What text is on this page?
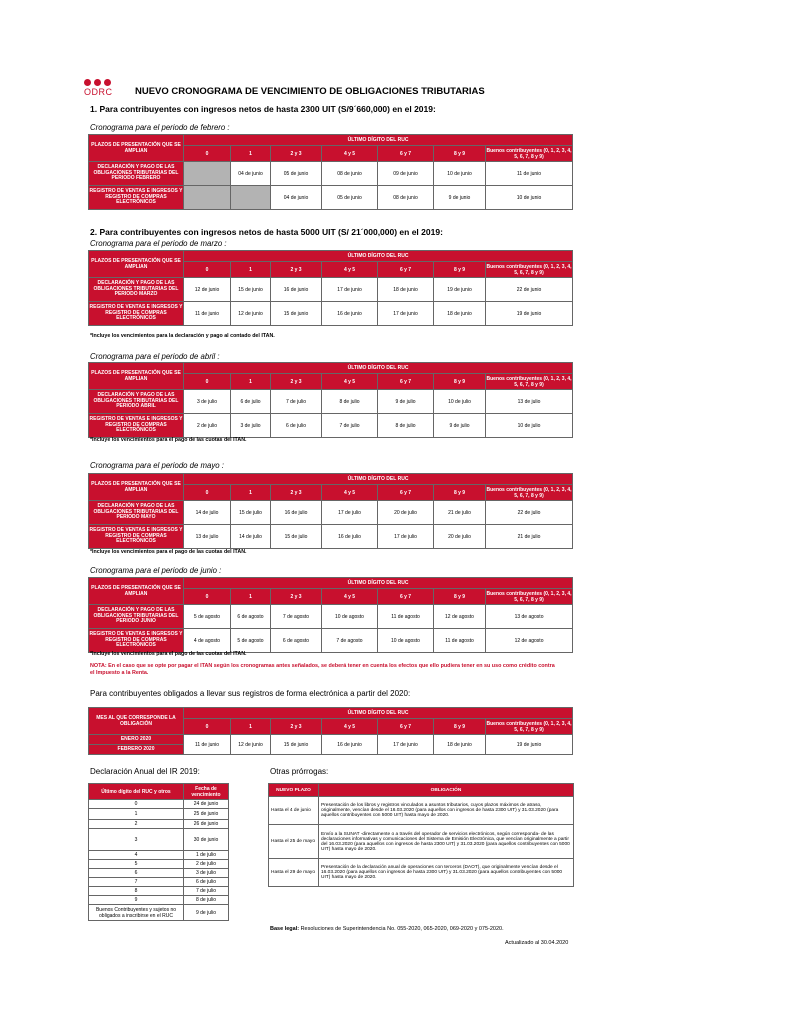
ODRC NUEVO CRONOGRAMA DE VENCIMIENTO DE OBLIGACIONES TRIBUTARIAS
1. Para contribuyentes con ingresos netos de hasta 2300 UIT (S/9´660,000) en el 2019:
2. Para contribuyentes con ingresos netos de hasta 5000 UIT (S/ 21´000,000) en el 2019:
Cronograma para el periodo de febrero :
PLAZOS DE PRESENTACIÓN QUE SE AMPLIAN	ÚLTIMO DÍGITO DEL RUC						
	0	1	2 y 3	4 y 5	6 y 7	8 y 9	Buenos contribuyentes (0, 1, 2, 3, 4, 5, 6, 7, 8 y 9)
DECLARACIÓN Y PAGO DE LAS OBLIGACIONES TRIBUTARIAS DEL PERIODO FEBRERO		04 de junio	05 de junio	08 de junio	09 de junio	10 de junio	11 de junio
REGISTRO DE VENTAS E INGRESOS Y REGISTRO DE COMPRAS ELECTRÓNICOS			04 de junio	05 de junio	08 de junio	9 de junio	10 de junio
Cronograma para el periodo de marzo :
PLAZOS DE PRESENTACIÓN QUE SE AMPLIAN	ÚLTIMO DÍGITO DEL RUC						
	0	1	2 y 3	4 y 5	6 y 7	8 y 9	Buenos contribuyentes (0, 1, 2, 3, 4, 5, 6, 7, 8 y 9)
DECLARACIÓN Y PAGO DE LAS OBLIGACIONES TRIBUTARIAS DEL PERIODO MARZO	12 de junio	15 de junio	16 de junio	17 de junio	18 de junio	19 de junio	22 de junio
REGISTRO DE VENTAS E INGRESOS Y REGISTRO DE COMPRAS ELECTRÓNICOS	11 de junio	12 de junio	15 de junio	16 de junio	17 de junio	18 de junio	19 de junio
*Incluye los vencimientos para la declaración y pago al contado del ITAN.
Cronograma para el periodo de abril :
PLAZOS DE PRESENTACIÓN QUE SE AMPLIAN	ÚLTIMO DÍGITO DEL RUC						
	0	1	2 y 3	4 y 5	6 y 7	8 y 9	Buenos contribuyentes (0, 1, 2, 3, 4, 5, 6, 7, 8 y 9)
DECLARACIÓN Y PAGO DE LAS OBLIGACIONES TRIBUTARIAS DEL PERIODO ABRIL	3 de julio	6 de julio	7 de julio	8 de julio	9 de julio	10 de julio	13 de julio
REGISTRO DE VENTAS E INGRESOS Y REGISTRO DE COMPRAS ELECTRÓNICOS	2 de julio	3 de julio	6 de julio	7 de julio	8 de julio	9 de julio	10 de julio
*Incluye los vencimientos para el pago de las cuotas del ITAN.
Cronograma para el periodo de mayo :
PLAZOS DE PRESENTACIÓN QUE SE AMPLIAN	ÚLTIMO DÍGITO DEL RUC						
	0	1	2 y 3	4 y 5	6 y 7	8 y 9	Buenos contribuyentes (0, 1, 2, 3, 4, 5, 6, 7, 8 y 9)
DECLARACIÓN Y PAGO DE LAS OBLIGACIONES TRIBUTARIAS DEL PERIODO MAYO	14 de julio	15 de julio	16 de julio	17 de julio	20 de julio	21 de julio	22 de julio
REGISTRO DE VENTAS E INGRESOS Y REGISTRO DE COMPRAS ELECTRÓNICOS	13 de julio	14 de julio	15 de julio	16 de julio	17 de julio	20 de julio	21 de julio
*Incluye los vencimientos para el pago de las cuotas del ITAN.
Cronograma para el periodo de junio :
PLAZOS DE PRESENTACIÓN QUE SE AMPLIAN	ÚLTIMO DÍGITO DEL RUC						
	0	1	2 y 3	4 y 5	6 y 7	8 y 9	Buenos contribuyentes (0, 1, 2, 3, 4, 5, 6, 7, 8 y 9)
DECLARACIÓN Y PAGO DE LAS OBLIGACIONES TRIBUTARIAS DEL PERIODO JUNIO	5 de agosto	6 de agosto	7 de agosto	10 de agosto	11 de agosto	12 de agosto	13 de agosto
REGISTRO DE VENTAS E INGRESOS Y REGISTRO DE COMPRAS ELECTRÓNICOS	4 de agosto	5 de agosto	6 de agosto	7 de agosto	10 de agosto	11 de agosto	12 de agosto
*Incluye los vencimientos para el pago de las cuotas del ITAN.
NOTA: En el caso que se opte por pagar el ITAN según los cronogramas antes señalados, se deberá tener en cuenta los efectos que ello pudiera tener en su uso como crédito contra el Impuesto a la Renta.
Para contribuyentes obligados a llevar sus registros de forma electrónica a partir del 2020:
MES AL QUE CORRESPONDE LA OBLIGACIÓN	ÚLTIMO DÍGITO DEL RUC						
	0	1	2 y 3	4 y 5	6 y 7	8 y 9	Buenos contribuyentes (0, 1, 2, 3, 4, 5, 6, 7, 8 y 9)
ENERO 2020	11 de junio	12 de junio	15 de junio	16 de junio	17 de junio	18 de junio	19 de junio
FEBRERO 2020							
Declaración Anual del IR 2019:
Último dígito del RUC y otros	Fecha de vencimiento
0	24 de junio
1	25 de junio
2	26 de junio
3	30 de junio
4	1 de julio
5	2 de julio
6	3 de julio
7	6 de julio
8	7 de julio
9	8 de julio
Buenos Contribuyentes y sujetos no obligados a inscribirse en el RUC	9 de julio
Otras prórrogas:
NUEVO PLAZO	OBLIGACIÓN
Hasta el 4 de junio	Presentación de los libros y registros vinculados a asuntos tributarios, cuyos plazos máximos de atraso, originalmente, vencían desde el 16.03.2020 (para aquellos con ingresos de hasta 2300 UIT) y 31.03.2020 (para aquellos contribuyentes con 5000 UIT) hasta mayo de 2020.
Hasta el 25 de mayo	Envío a la SUNAT -directamente o a través del operador de servicios electrónicos, según corresponda- de las declaraciones informativas y comunicaciones del Sistema de Emisión Electrónica, que vencían originalmente a partir del 16.03.2020 (para aquellos con ingresos de hasta 2300 UIT) y 31.03.2020 (para aquellos contribuyentes con 5000 UIT) hasta mayo de 2020.
Hasta el 29 de mayo	Presentación de la declaración anual de operaciones con terceros (DAOT), que originalmente vencían desde el 16.03.2020 (para aquellos con ingresos de hasta 2300 UIT) y 31.03.2020 (para aquellos contribuyentes con 5000 UIT) hasta mayo de 2020.
Base legal: Resoluciones de Superintendencia No. 055-2020, 065-2020, 069-2020 y 075-2020.
Actualizado al 30.04.2020
